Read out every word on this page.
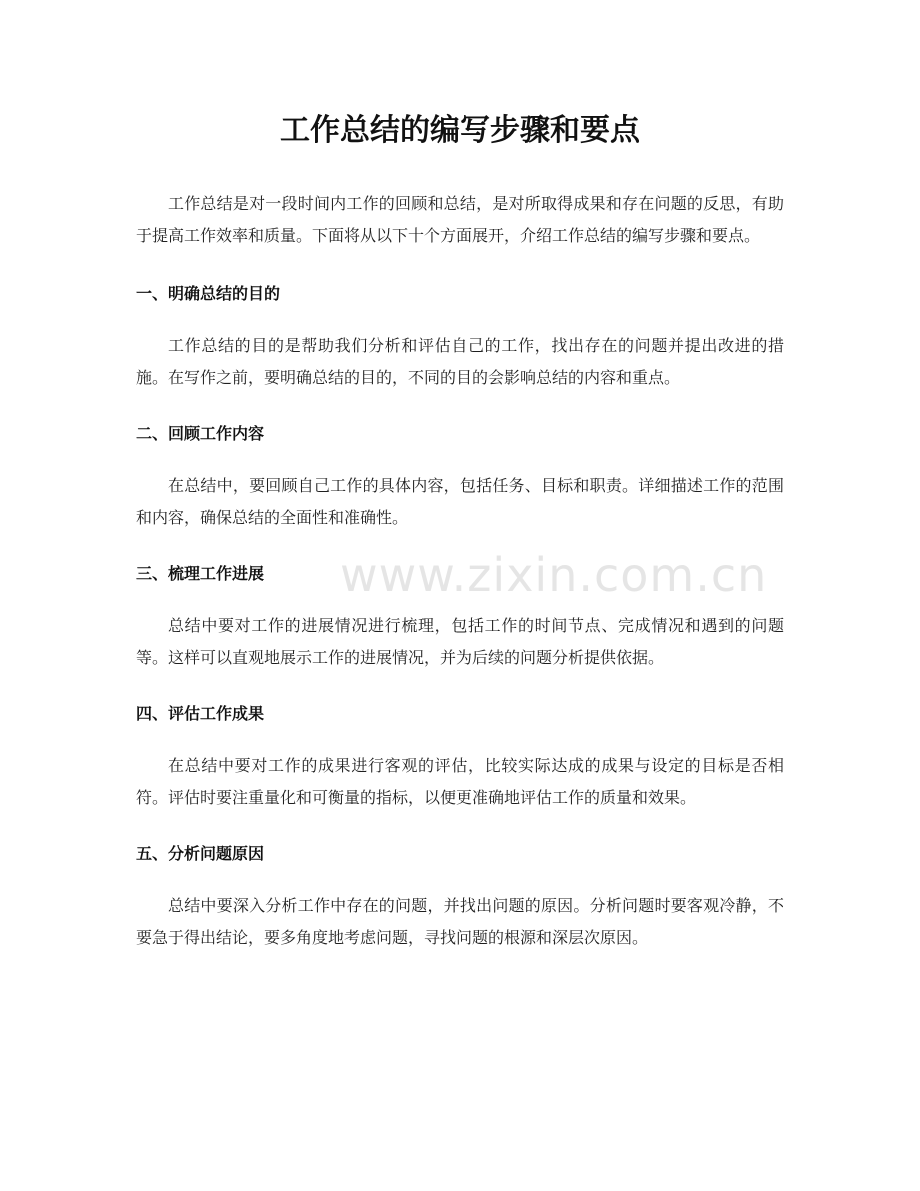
工作总结的编写步骤和要点

工作总结是对一段时间内工作的回顾和总结，是对所取得成果和存在问题的反思，有助于提高工作效率和质量。下面将从以下十个方面展开，介绍工作总结的编写步骤和要点。

一、明确总结的目的

工作总结的目的是帮助我们分析和评估自己的工作，找出存在的问题并提出改进的措施。在写作之前，要明确总结的目的，不同的目的会影响总结的内容和重点。

二、回顾工作内容

在总结中，要回顾自己工作的具体内容，包括任务、目标和职责。详细描述工作的范围和内容，确保总结的全面性和准确性。

三、梳理工作进展

总结中要对工作的进展情况进行梳理，包括工作的时间节点、完成情况和遇到的问题等。这样可以直观地展示工作的进展情况，并为后续的问题分析提供依据。

四、评估工作成果

在总结中要对工作的成果进行客观的评估，比较实际达成的成果与设定的目标是否相符。评估时要注重量化和可衡量的指标，以便更准确地评估工作的质量和效果。

五、分析问题原因

总结中要深入分析工作中存在的问题，并找出问题的原因。分析问题时要客观冷静，不要急于得出结论，要多角度地考虑问题，寻找问题的根源和深层次原因。

www.zixin.com.cn
